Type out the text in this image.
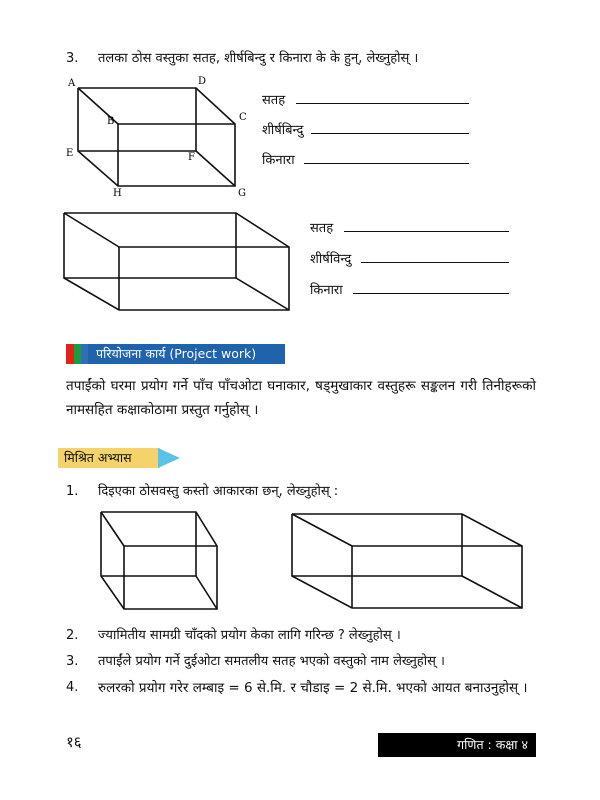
3. तलका ठोस वस्तुका सतह, शीर्षबिन्दु र किनारा के के हुन्, लेख्नुहोस् ।
A	D
B	C
E	F
H	G
सतह
शीर्षबिन्दु
किनारा
सतह
शीर्षविन्दु
किनारा
परियोजना कार्य (Project work)
तपाईंको घरमा प्रयोग गर्ने पाँच पाँचओटा घनाकार, षड्मुखाकार वस्तुहरू सङ्कलन गरी तिनीहरूको नामसहित कक्षाकोठामा प्रस्तुत गर्नुहोस् ।
मिश्रित अभ्यास
1. दिइएका ठोसवस्तु कस्तो आकारका छन्, लेख्नुहोस् :
2. ज्यामितीय सामग्री चाँदको प्रयोग केका लागि गरिन्छ ? लेख्नुहोस् ।
3. तपाईंले प्रयोग गर्ने दुईओटा समतलीय सतह भएको वस्तुको नाम लेख्नुहोस् ।
4. रुलरको प्रयोग गरेर लम्बाइ = 6 से.मि. र चौडाइ = 2 से.मि. भएको आयत बनाउनुहोस् ।
१६	गणित : कक्षा ४
